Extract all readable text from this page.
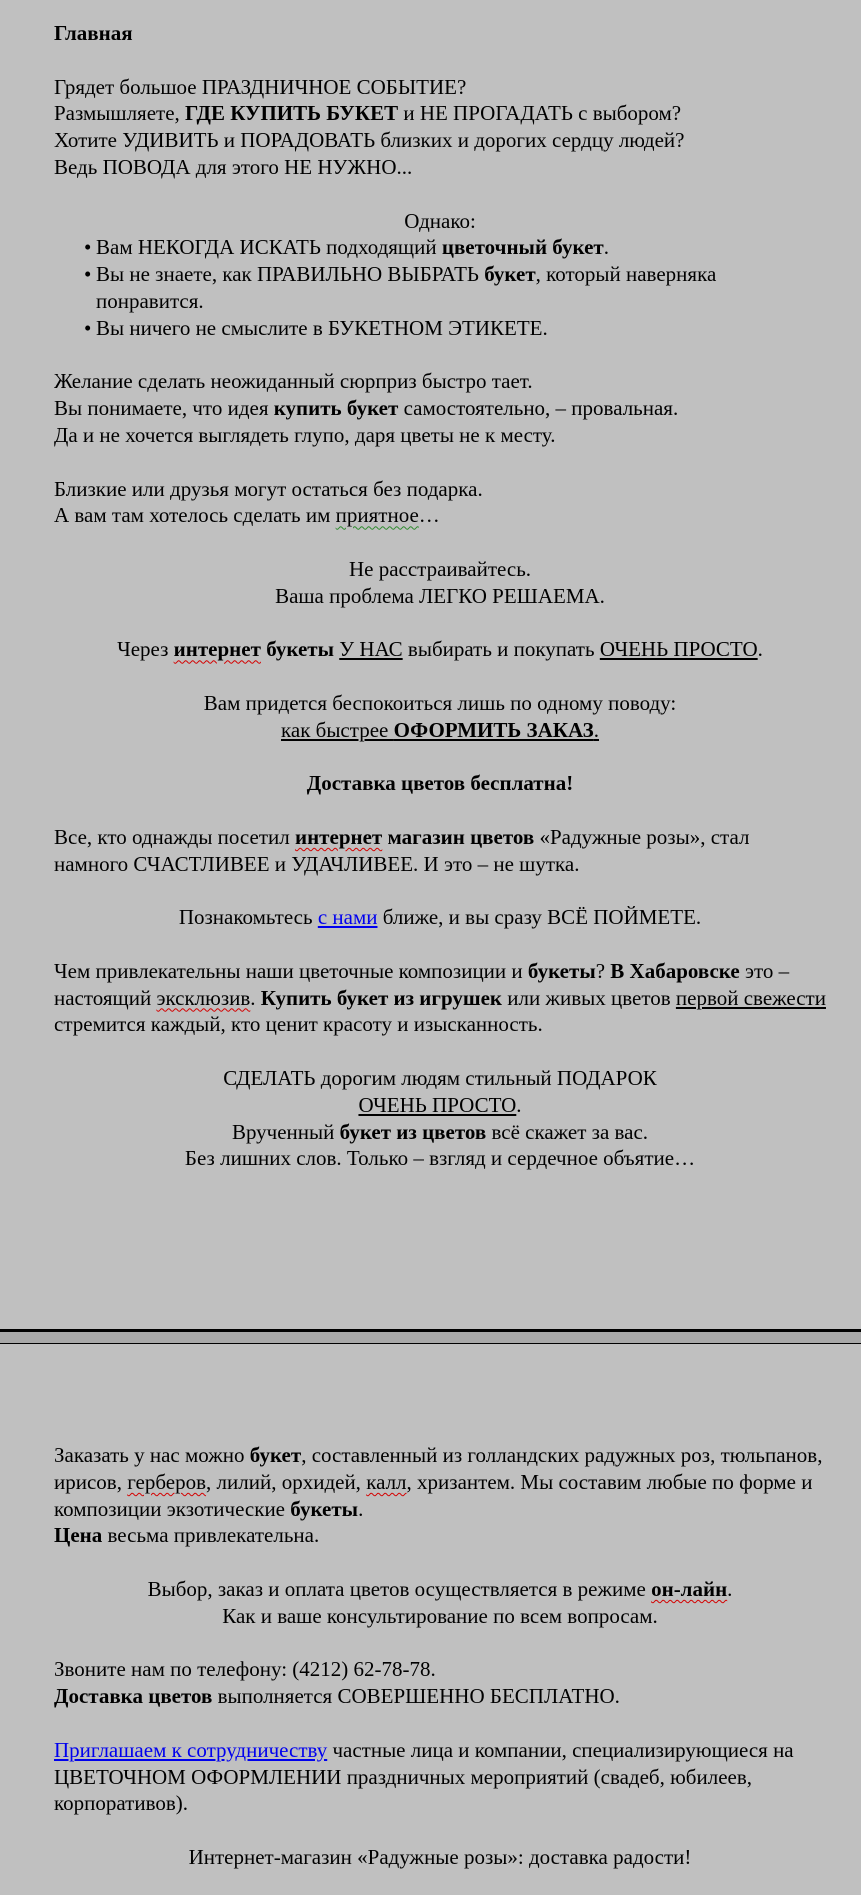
Главная

Грядет большое ПРАЗДНИЧНОЕ СОБЫТИЕ?

Размышляете, ГДЕ КУПИТЬ БУКЕТ и НЕ ПРОГАДАТЬ с выбором?

Хотите УДИВИТЬ и ПОРАДОВАТЬ близких и дорогих сердцу людей?

Ведь ПОВОДА для этого НЕ НУЖНО...

Однако:

• Вам НЕКОГДА ИСКАТЬ подходящий цветочный букет.
• Вы не знаете, как ПРАВИЛЬНО ВЫБРАТЬ букет, который наверняка понравится.
• Вы ничего не смыслите в БУКЕТНОМ ЭТИКЕТЕ.

Желание сделать неожиданный сюрприз быстро тает.

Вы понимаете, что идея купить букет самостоятельно, – провальная.

Да и не хочется выглядеть глупо, даря цветы не к месту.

Близкие или друзья могут остаться без подарка.

А вам там хотелось сделать им приятное…

Не расстраивайтесь.

Ваша проблема ЛЕГКО РЕШАЕМА.

Через интернет букеты У НАС выбирать и покупать ОЧЕНЬ ПРОСТО.

Вам придется беспокоиться лишь по одному поводу:

как быстрее ОФОРМИТЬ ЗАКАЗ.

Доставка цветов бесплатна!

Все, кто однажды посетил интернет магазин цветов «Радужные розы», стал намного СЧАСТЛИВЕЕ и УДАЧЛИВЕЕ. И это – не шутка.

Познакомьтесь с нами ближе, и вы сразу ВСЁ ПОЙМЕТЕ.

Чем привлекательны наши цветочные композиции и букеты? В Хабаровске это – настоящий эксклюзив. Купить букет из игрушек или живых цветов первой свежести стремится каждый, кто ценит красоту и изысканность.

СДЕЛАТЬ дорогим людям стильный ПОДАРОК

ОЧЕНЬ ПРОСТО.

Врученный букет из цветов всё скажет за вас.

Без лишних слов. Только – взгляд и сердечное объятие…

Заказать у нас можно букет, составленный из голландских радужных роз, тюльпанов, ирисов, герберов, лилий, орхидей, калл, хризантем. Мы составим любые по форме и композиции экзотические букеты.

Цена весьма привлекательна.

Выбор, заказ и оплата цветов осуществляется в режиме он-лайн.

Как и ваше консультирование по всем вопросам.

Звоните нам по телефону: (4212) 62-78-78.

Доставка цветов выполняется СОВЕРШЕННО БЕСПЛАТНО.

Приглашаем к сотрудничеству частные лица и компании, специализирующиеся на ЦВЕТОЧНОМ ОФОРМЛЕНИИ праздничных мероприятий (свадеб, юбилеев, корпоративов).

Интернет-магазин «Радужные розы»: доставка радости!
